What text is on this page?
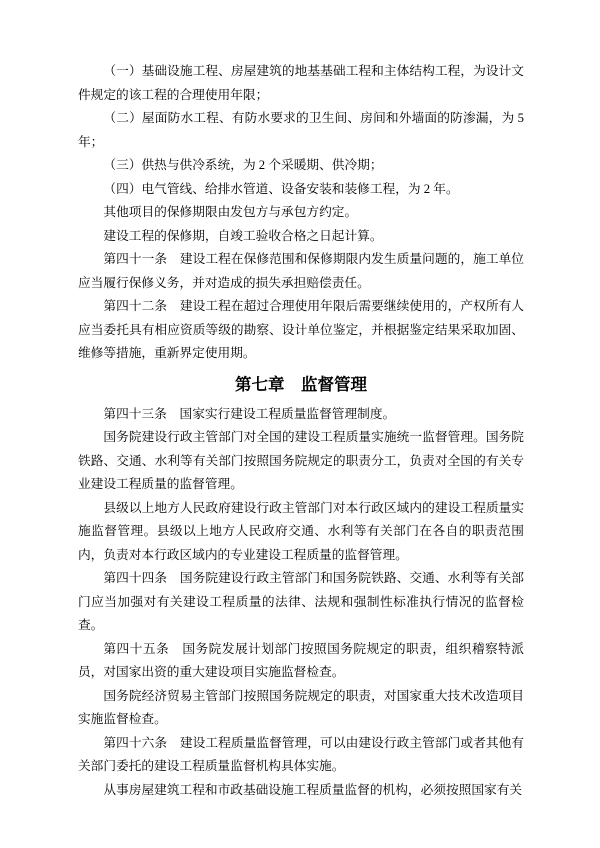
（一）基础设施工程、房屋建筑的地基基础工程和主体结构工程，为设计文件规定的该工程的合理使用年限；

（二）屋面防水工程、有防水要求的卫生间、房间和外墙面的防渗漏，为 5 年；

（三）供热与供冷系统，为 2 个采暖期、供冷期；

（四）电气管线、给排水管道、设备安装和装修工程，为 2 年。

其他项目的保修期限由发包方与承包方约定。

建设工程的保修期，自竣工验收合格之日起计算。

第四十一条　建设工程在保修范围和保修期限内发生质量问题的，施工单位应当履行保修义务，并对造成的损失承担赔偿责任。

第四十二条　建设工程在超过合理使用年限后需要继续使用的，产权所有人应当委托具有相应资质等级的勘察、设计单位鉴定，并根据鉴定结果采取加固、维修等措施，重新界定使用期。

第七章　监督管理

第四十三条　国家实行建设工程质量监督管理制度。

国务院建设行政主管部门对全国的建设工程质量实施统一监督管理。国务院铁路、交通、水利等有关部门按照国务院规定的职责分工，负责对全国的有关专业建设工程质量的监督管理。

县级以上地方人民政府建设行政主管部门对本行政区域内的建设工程质量实施监督管理。县级以上地方人民政府交通、水利等有关部门在各自的职责范围内，负责对本行政区域内的专业建设工程质量的监督管理。

第四十四条　国务院建设行政主管部门和国务院铁路、交通、水利等有关部门应当加强对有关建设工程质量的法律、法规和强制性标准执行情况的监督检查。

第四十五条　国务院发展计划部门按照国务院规定的职责，组织稽察特派员，对国家出资的重大建设项目实施监督检查。

国务院经济贸易主管部门按照国务院规定的职责，对国家重大技术改造项目实施监督检查。

第四十六条　建设工程质量监督管理，可以由建设行政主管部门或者其他有关部门委托的建设工程质量监督机构具体实施。

从事房屋建筑工程和市政基础设施工程质量监督的机构，必须按照国家有关
